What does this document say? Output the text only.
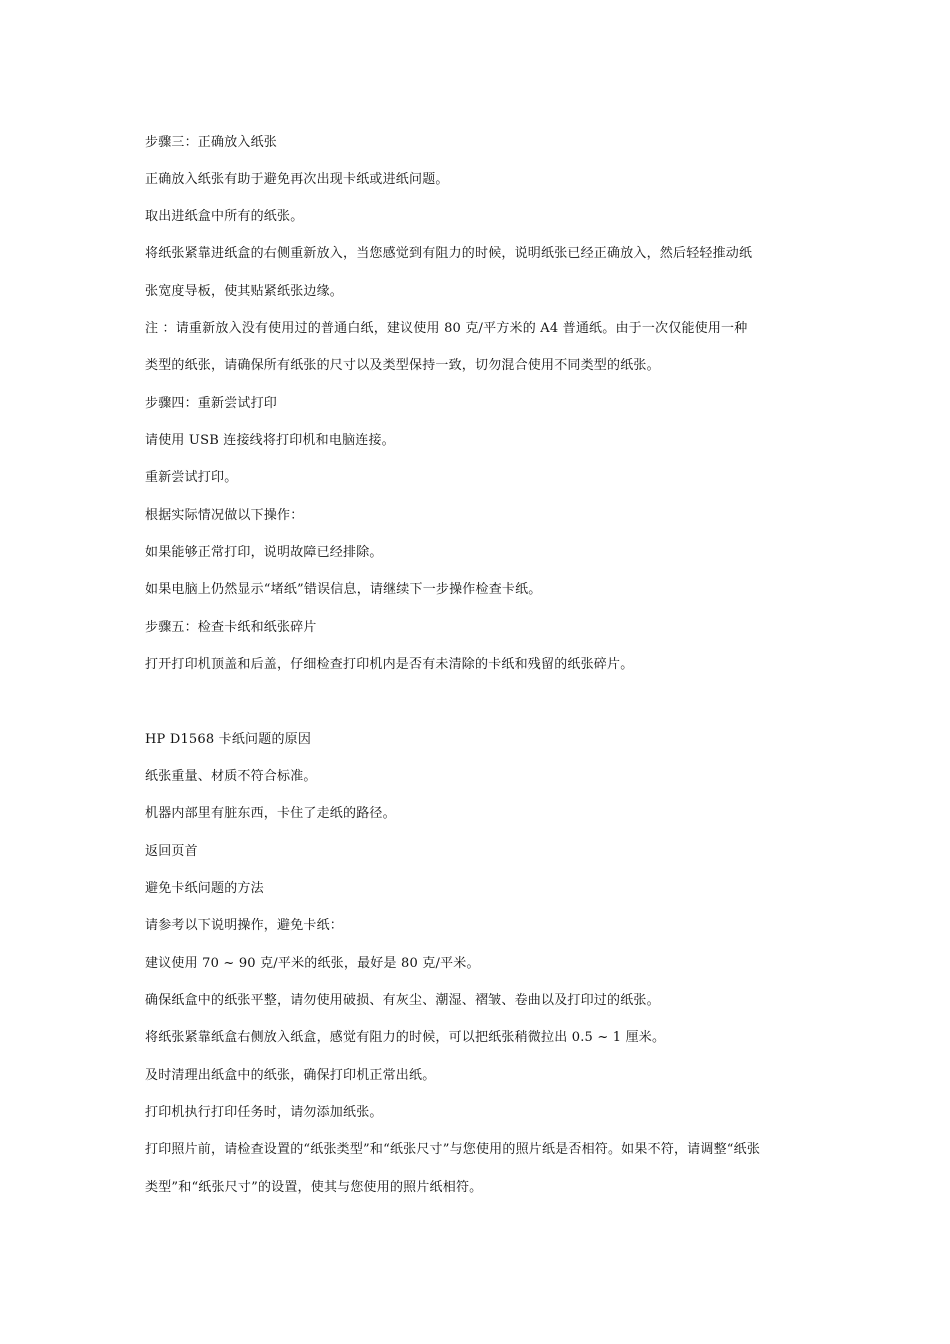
步骤三：正确放入纸张
正确放入纸张有助于避免再次出现卡纸或进纸问题。
取出进纸盒中所有的纸张。
将纸张紧靠进纸盒的右侧重新放入，当您感觉到有阻力的时候，说明纸张已经正确放入，然后轻轻推动纸
张宽度导板，使其贴紧纸张边缘。
注 ：请重新放入没有使用过的普通白纸，建议使用 80 克/平方米的 A4 普通纸。由于一次仅能使用一种
类型的纸张，请确保所有纸张的尺寸以及类型保持一致，切勿混合使用不同类型的纸张。
步骤四：重新尝试打印
请使用 USB 连接线将打印机和电脑连接。
重新尝试打印。
根据实际情况做以下操作：
如果能够正常打印，说明故障已经排除。
如果电脑上仍然显示“堵纸”错误信息，请继续下一步操作检查卡纸。
步骤五：检查卡纸和纸张碎片
打开打印机顶盖和后盖，仔细检查打印机内是否有未清除的卡纸和残留的纸张碎片。
HP D1568 卡纸问题的原因
纸张重量、材质不符合标准。
机器内部里有脏东西，卡住了走纸的路径。
返回页首
避免卡纸问题的方法
请参考以下说明操作，避免卡纸：
建议使用 70 ~ 90 克/平米的纸张，最好是 80 克/平米。
确保纸盒中的纸张平整，请勿使用破损、有灰尘、潮湿、褶皱、卷曲以及打印过的纸张。
将纸张紧靠纸盒右侧放入纸盒，感觉有阻力的时候，可以把纸张稍微拉出 0.5 ~ 1 厘米。
及时清理出纸盒中的纸张，确保打印机正常出纸。
打印机执行打印任务时，请勿添加纸张。
打印照片前，请检查设置的“纸张类型”和“纸张尺寸”与您使用的照片纸是否相符。如果不符，请调整“纸张
类型”和“纸张尺寸”的设置，使其与您使用的照片纸相符。
